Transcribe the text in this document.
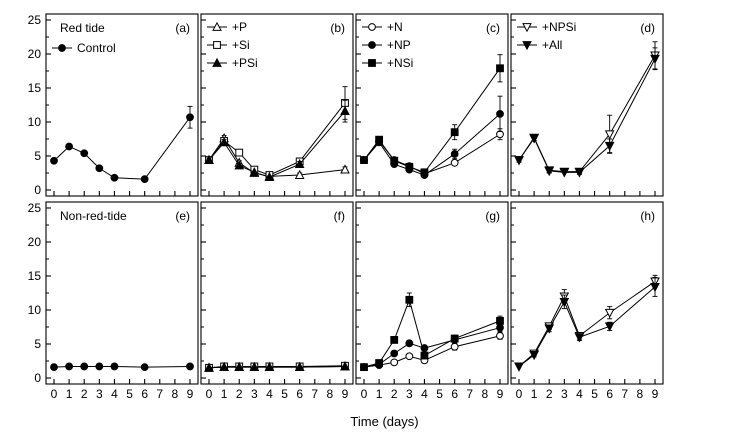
0
5
10
15
20
25
(a)
Red tide
Control
(b)
+P
+Si
+PSi
(c)
+N
+NP
+NSi
(d)
+NPSi
+All
0
5
10
15
20
25
0 1 2 3 4 5 6 7 8 9
(e)
Non-red-tide
0 1 2 3 4 5 6 7 8 9
(f)
0 1 2 3 4 5 6 7 8 9
(g)
0 1 2 3 4 5 6 7 8 9
(h)
Time (days)
